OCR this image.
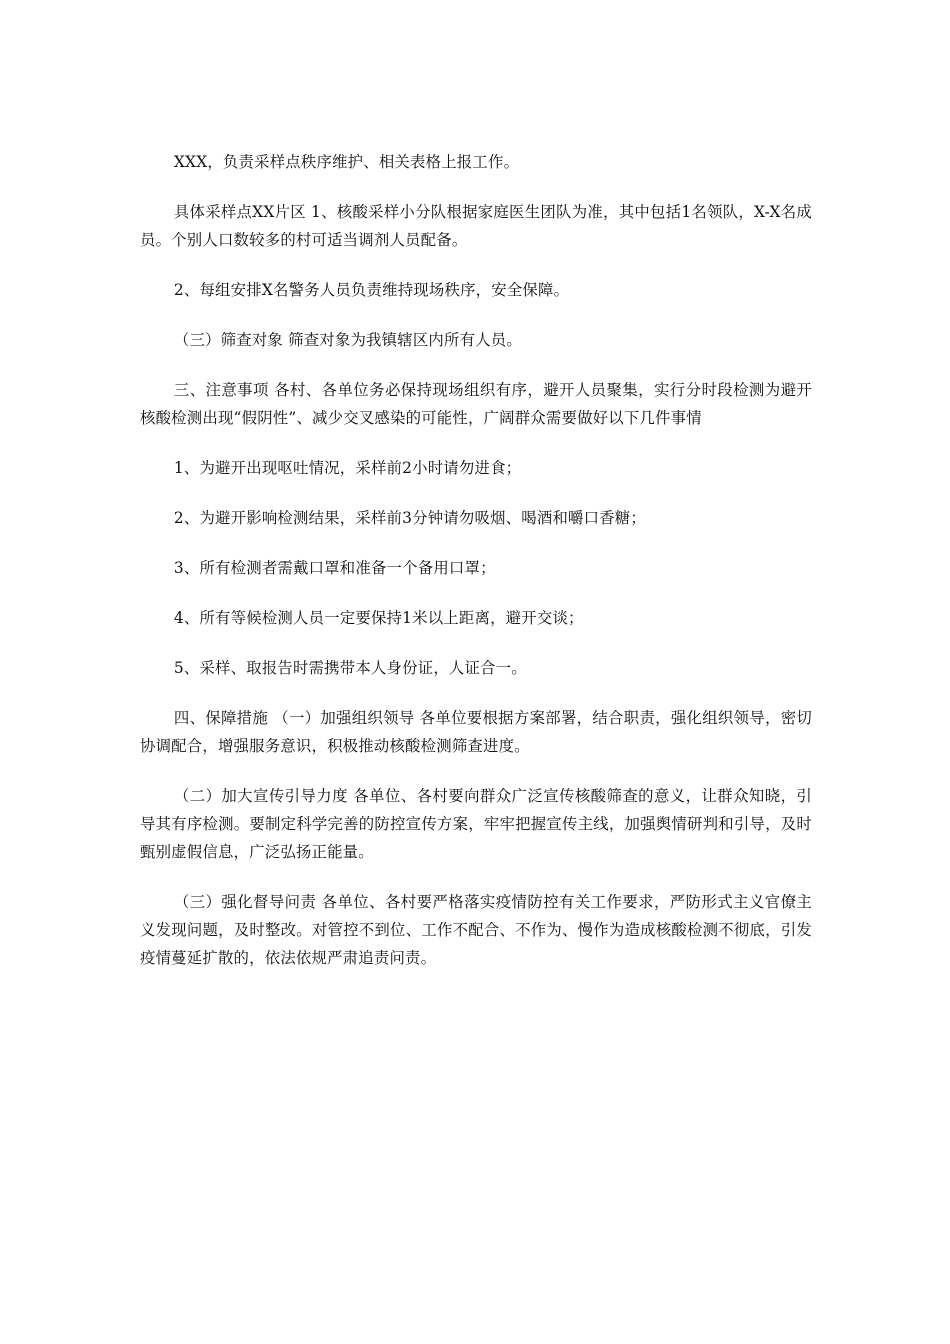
XXX，负责采样点秩序维护、相关表格上报工作。

具体采样点XX片区 1、核酸采样小分队根据家庭医生团队为准，其中包括1名领队，X-X名成员。个别人口数较多的村可适当调剂人员配备。

2、每组安排X名警务人员负责维持现场秩序，安全保障。

（三）筛查对象 筛查对象为我镇辖区内所有人员。

三、注意事项 各村、各单位务必保持现场组织有序，避开人员聚集，实行分时段检测为避开核酸检测出现“假阴性”、减少交叉感染的可能性，广阔群众需要做好以下几件事情

1、为避开出现呕吐情况，采样前2小时请勿进食；

2、为避开影响检测结果，采样前3分钟请勿吸烟、喝酒和嚼口香糖；

3、所有检测者需戴口罩和准备一个备用口罩；

4、所有等候检测人员一定要保持1米以上距离，避开交谈；

5、采样、取报告时需携带本人身份证，人证合一。

四、保障措施 （一）加强组织领导 各单位要根据方案部署，结合职责，强化组织领导，密切协调配合，增强服务意识，积极推动核酸检测筛查进度。

（二）加大宣传引导力度 各单位、各村要向群众广泛宣传核酸筛查的意义，让群众知晓，引导其有序检测。要制定科学完善的防控宣传方案，牢牢把握宣传主线，加强舆情研判和引导，及时甄别虚假信息，广泛弘扬正能量。

（三）强化督导问责 各单位、各村要严格落实疫情防控有关工作要求，严防形式主义官僚主义发现问题，及时整改。对管控不到位、工作不配合、不作为、慢作为造成核酸检测不彻底，引发疫情蔓延扩散的，依法依规严肃追责问责。
